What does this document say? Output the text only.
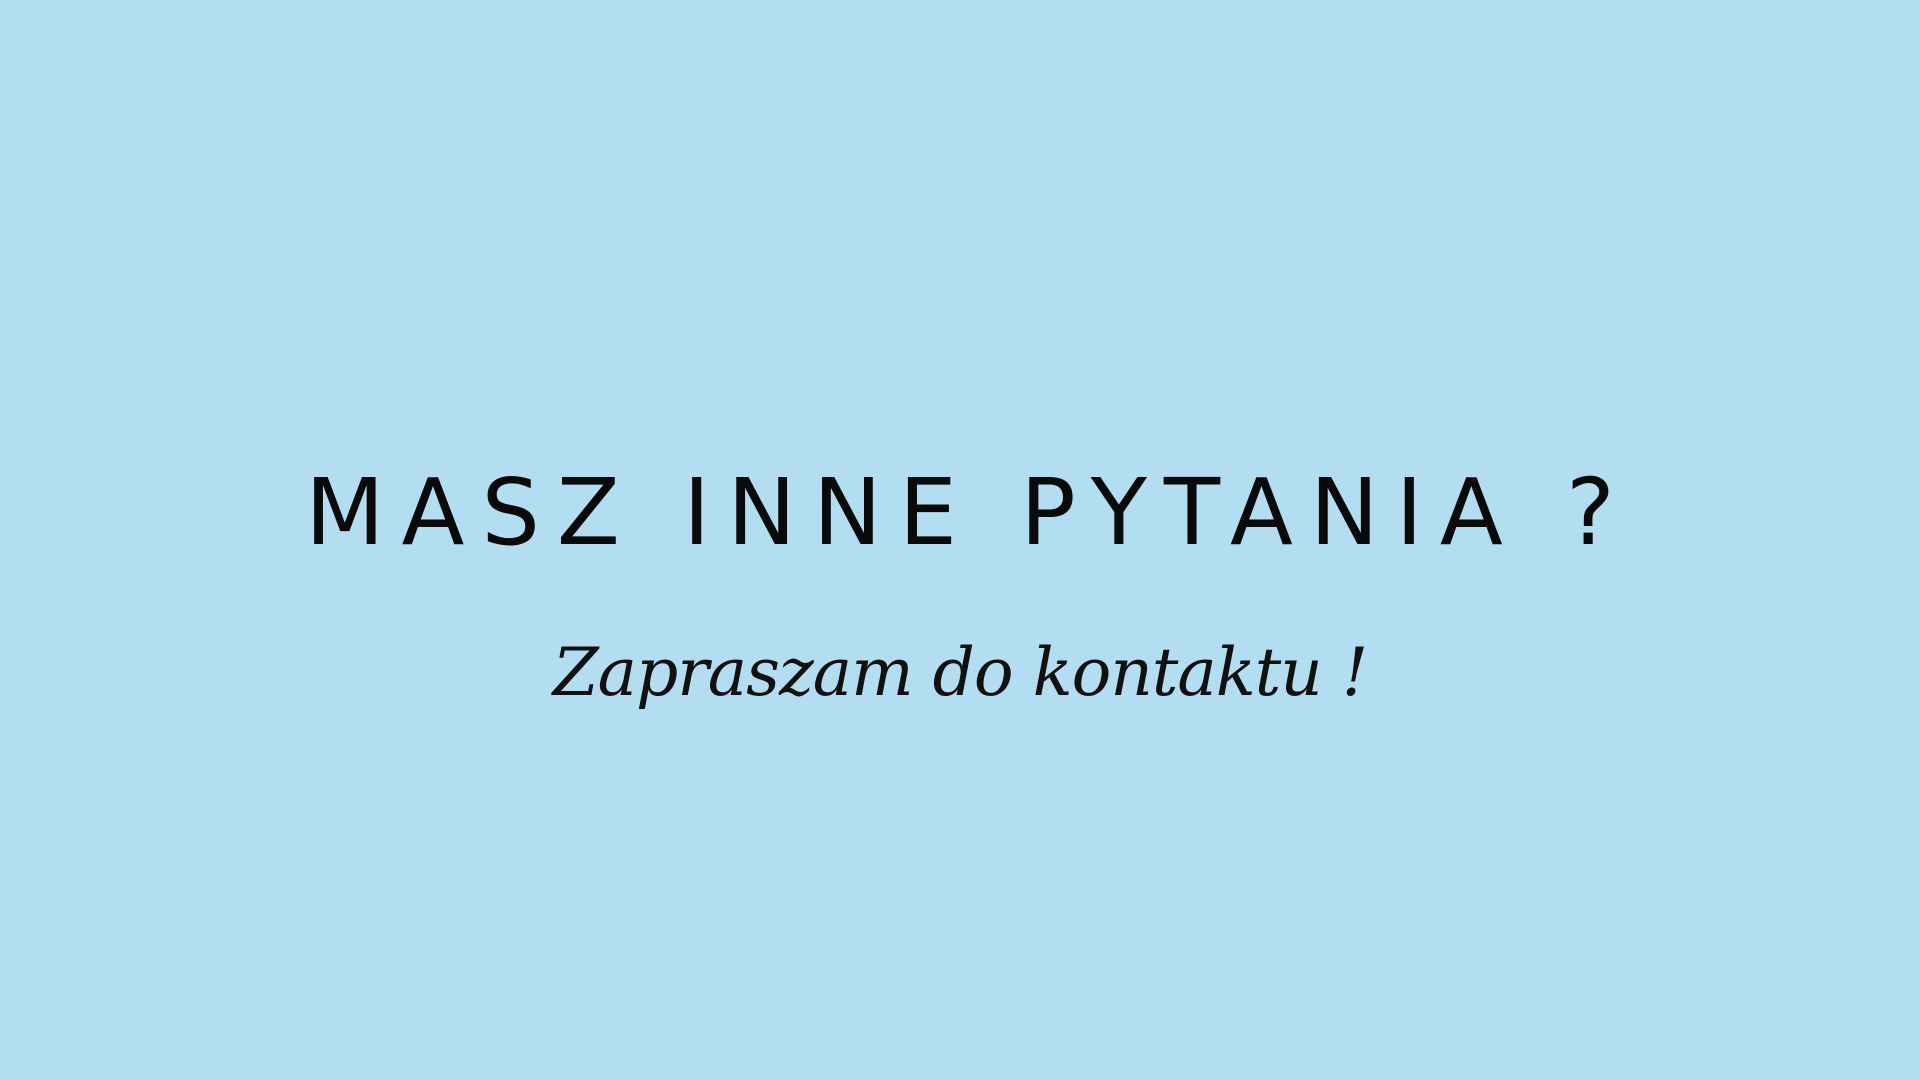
MASZ INNE PYTANIA ?

Zapraszam do kontaktu !
